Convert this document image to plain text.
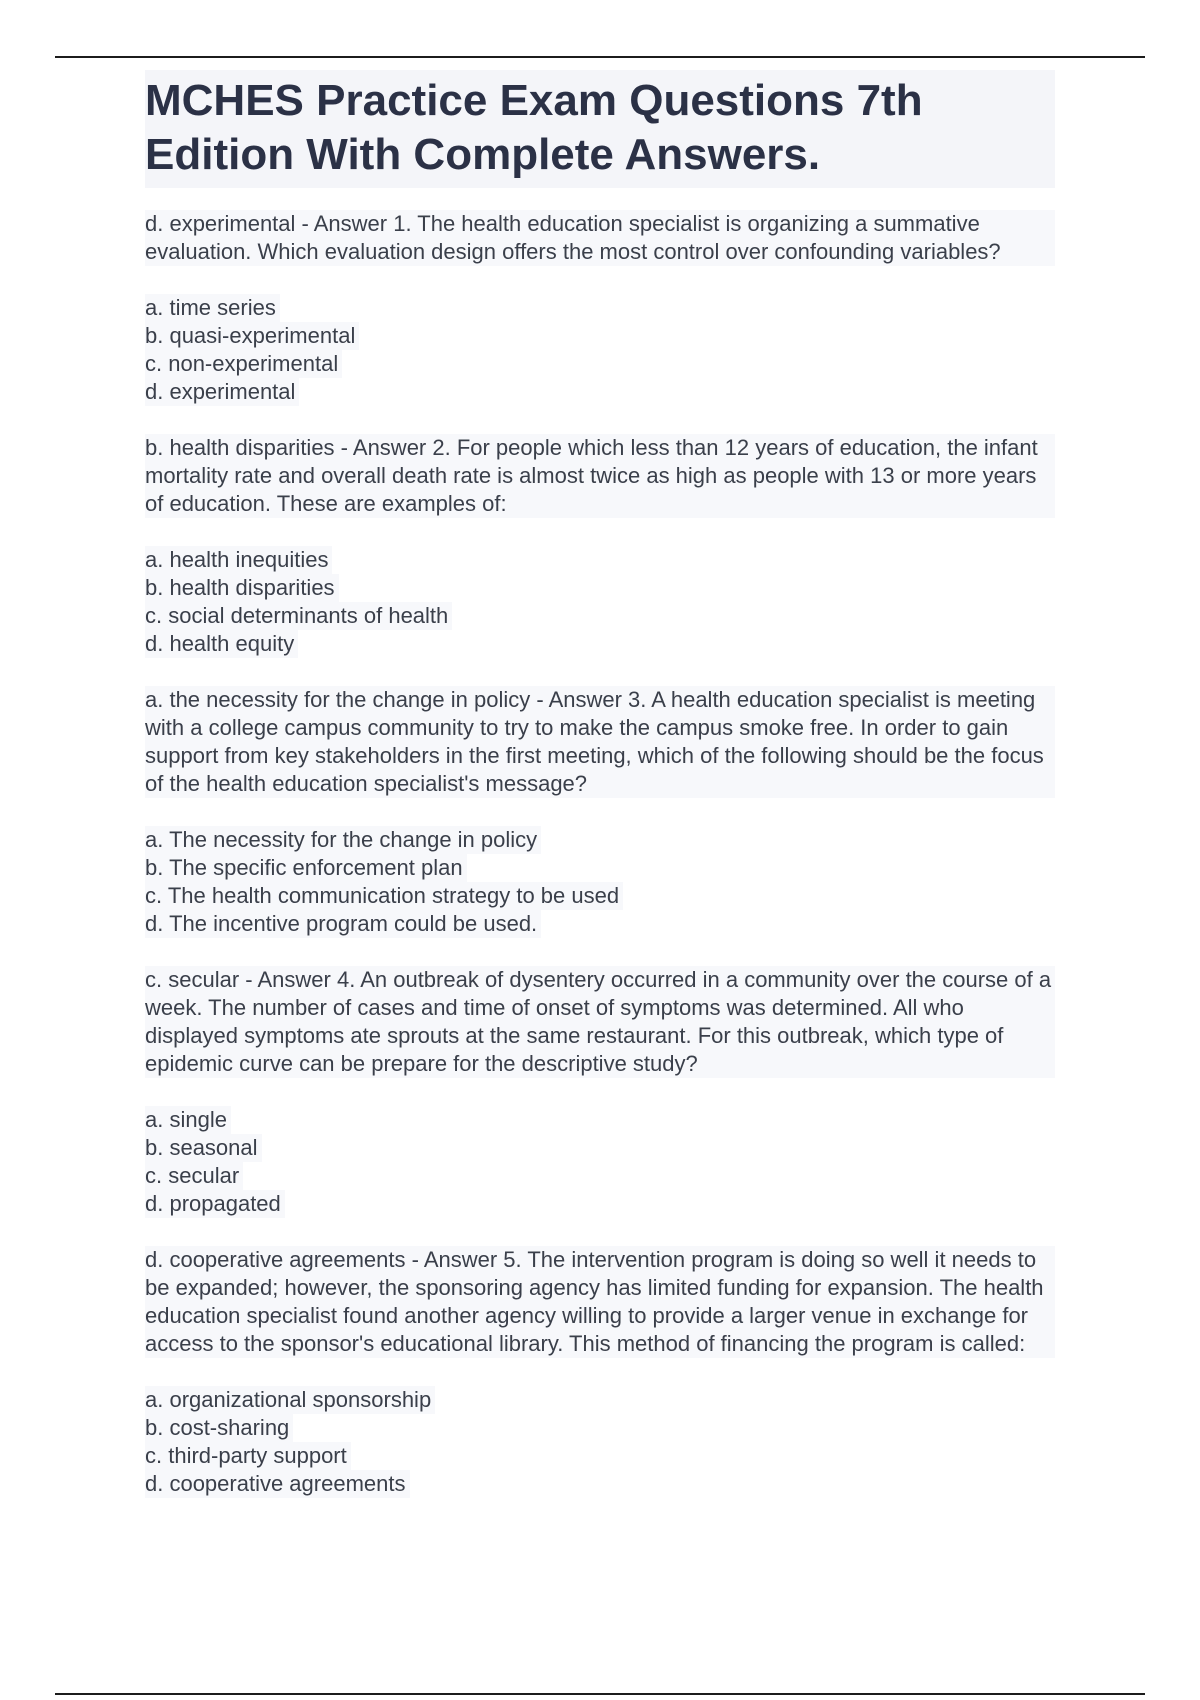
MCHES Practice Exam Questions 7th Edition With Complete Answers.

d. experimental - Answer 1. The health education specialist is organizing a summative evaluation. Which evaluation design offers the most control over confounding variables?

a. time series
b. quasi-experimental
c. non-experimental
d. experimental

b. health disparities - Answer 2. For people which less than 12 years of education, the infant mortality rate and overall death rate is almost twice as high as people with 13 or more years of education. These are examples of:

a. health inequities
b. health disparities
c. social determinants of health
d. health equity

a. the necessity for the change in policy - Answer 3. A health education specialist is meeting with a college campus community to try to make the campus smoke free. In order to gain support from key stakeholders in the first meeting, which of the following should be the focus of the health education specialist's message?

a. The necessity for the change in policy
b. The specific enforcement plan
c. The health communication strategy to be used
d. The incentive program could be used.

c. secular - Answer 4. An outbreak of dysentery occurred in a community over the course of a week. The number of cases and time of onset of symptoms was determined. All who displayed symptoms ate sprouts at the same restaurant. For this outbreak, which type of epidemic curve can be prepare for the descriptive study?

a. single
b. seasonal
c. secular
d. propagated

d. cooperative agreements - Answer 5. The intervention program is doing so well it needs to be expanded; however, the sponsoring agency has limited funding for expansion. The health education specialist found another agency willing to provide a larger venue in exchange for access to the sponsor's educational library. This method of financing the program is called:

a. organizational sponsorship
b. cost-sharing
c. third-party support
d. cooperative agreements
